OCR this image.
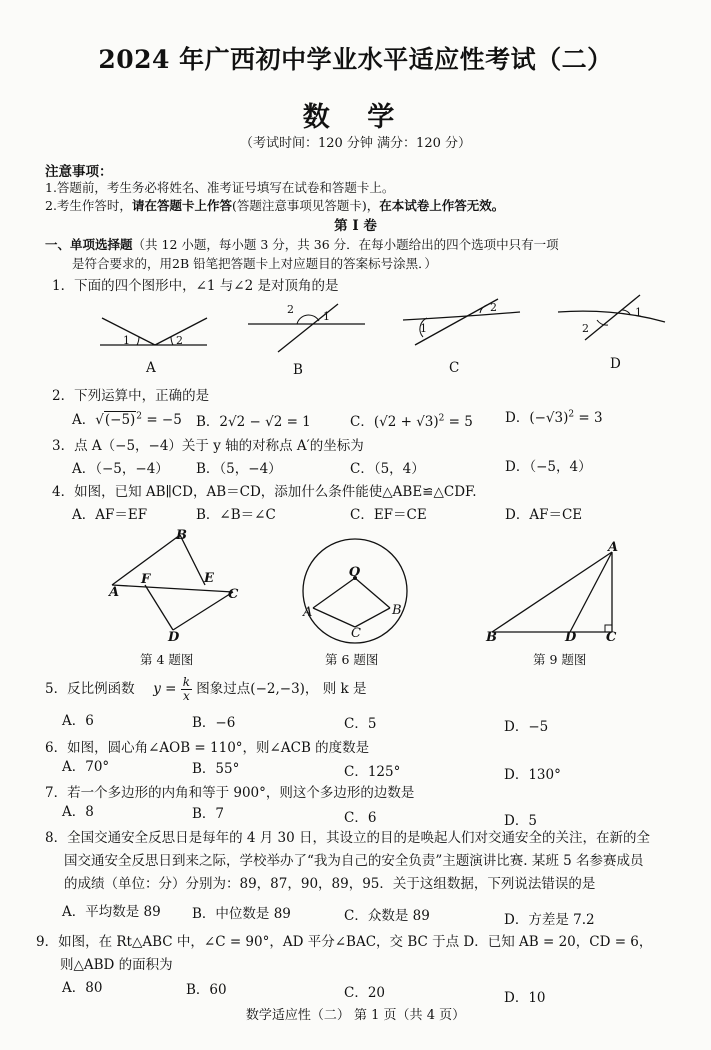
2024 年广西初中学业水平适应性考试（二）
数 学
（考试时间：120 分钟 满分：120 分）
注意事项：
1.答题前，考生务必将姓名、准考证号填写在试卷和答题卡上。
2.考生作答时，请在答题卡上作答(答题注意事项见答题卡)，在本试卷上作答无效。
第 Ⅰ 卷
一、单项选择题（共 12 小题，每小题 3 分，共 36 分．在每小题给出的四个选项中只有一项
是符合要求的，用2B 铅笔把答题卡上对应题目的答案标号涂黑．）
1．下面的四个图形中，∠1 与∠2 是对顶角的是
1	2
A
2
1
B
2
1
C
1
2
D
2．下列运算中，正确的是
A．$√(-5)^2 = -5$ B．2√2 − √2 = 1	C．$(√2 + √3)^2 = 5$ D．$(-√3)^2 = 3$
3．点 A（−5，−4）关于 y 轴的对称点 A′的坐标为
A．（−5，−4） B．（5，−4）	C．（5，4）	D．（−5，4）
4．如图，已知 AB∥CD，AB＝CD，添加什么条件能使△ABE≌△CDF.
A．AF＝EF	B．∠B＝∠C	C．EF＝CE	D．AF＝CE
B
A
F	E
C
D
第 4 题图
O
A	B
C
第 6 题图
A
B	D C
第 9 题图
5．反比例函数 $y = \frac{k}{x}$ 图象过点(−2,−3)， 则 k 是
A．6	B．−6	C．5	D．−5
6．如图，圆心角∠AOB = 110°，则∠ACB 的度数是
A．70°	B．55°	C．125°	D．130°
7．若一个多边形的内角和等于 900°，则这个多边形的边数是
A．8	B．7	C．6	D．5
8．全国交通安全反思日是每年的 4 月 30 日，其设立的目的是唤起人们对交通安全的关注，在新的全
国交通安全反思日到来之际，学校举办了“我为自己的安全负责”主题演讲比赛. 某班 5 名参赛成员
的成绩（单位：分）分别为：89，87，90，89，95．关于这组数据，下列说法错误的是
A．平均数是 89 B．中位数是 89	C．众数是 89	D．方差是 7.2
9．如图，在 Rt△ABC 中，∠C = 90°，AD 平分∠BAC，交 BC 于点 D．已知 AB = 20，CD = 6，
则△ABD 的面积为
A．80	B．60	C．20	D．10
数学适应性（二） 第 1 页（共 4 页）
